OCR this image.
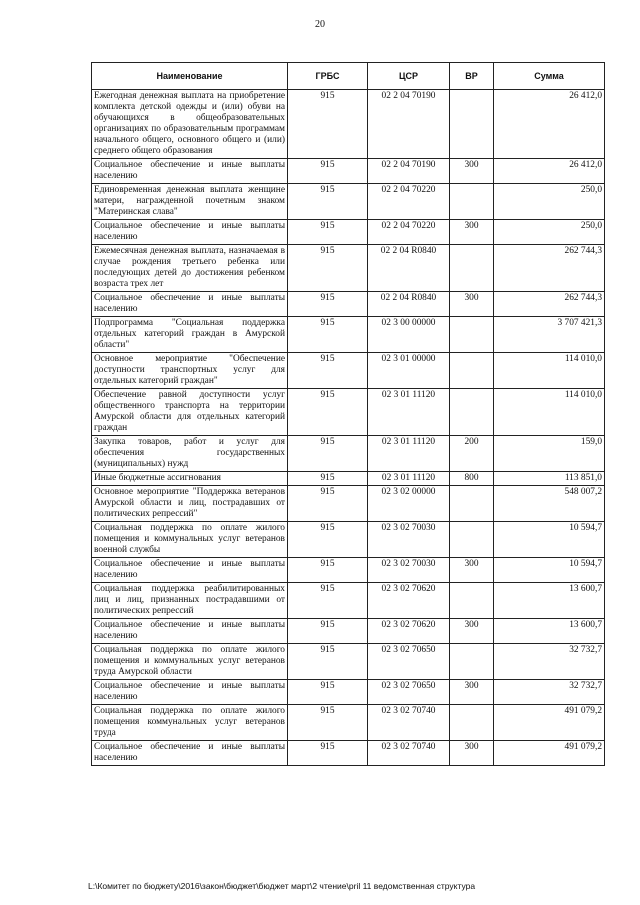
20
Наименование	ГРБС	ЦСР	ВР	Сумма
Ежегодная денежная выплата на приобретение комплекта детской одежды и (или) обуви на обучающихся в общеобразовательных организациях по образовательным программам начального общего, основного общего и (или) среднего общего образования	915	02 2 04 70190		26 412,0
Социальное обеспечение и иные выплаты населению	915	02 2 04 70190	300	26 412,0
Единовременная денежная выплата женщине матери, награжденной почетным знаком "Материнская слава"	915	02 2 04 70220		250,0
Социальное обеспечение и иные выплаты населению	915	02 2 04 70220	300	250,0
Ежемесячная денежная выплата, назначаемая в случае рождения третьего ребенка или последующих детей до достижения ребенком возраста трех лет	915	02 2 04 R0840		262 744,3
Социальное обеспечение и иные выплаты населению	915	02 2 04 R0840	300	262 744,3
Подпрограмма "Социальная поддержка отдельных категорий граждан в Амурской области"	915	02 3 00 00000		3 707 421,3
Основное мероприятие "Обеспечение доступности транспортных услуг для отдельных категорий граждан"	915	02 3 01 00000		114 010,0
Обеспечение равной доступности услуг общественного транспорта на территории Амурской области для отдельных категорий граждан	915	02 3 01 11120		114 010,0
Закупка товаров, работ и услуг для обеспечения государственных (муниципальных) нужд	915	02 3 01 11120	200	159,0
Иные бюджетные ассигнования	915	02 3 01 11120	800	113 851,0
Основное мероприятие "Поддержка ветеранов Амурской области и лиц, пострадавших от политических репрессий"	915	02 3 02 00000		548 007,2
Социальная поддержка по оплате жилого помещения и коммунальных услуг ветеранов военной службы	915	02 3 02 70030		10 594,7
Социальное обеспечение и иные выплаты населению	915	02 3 02 70030	300	10 594,7
Социальная поддержка реабилитированных лиц и лиц, признанных пострадавшими от политических репрессий	915	02 3 02 70620		13 600,7
Социальное обеспечение и иные выплаты населению	915	02 3 02 70620	300	13 600,7
Социальная поддержка по оплате жилого помещения и коммунальных услуг ветеранов труда Амурской области	915	02 3 02 70650		32 732,7
Социальное обеспечение и иные выплаты населению	915	02 3 02 70650	300	32 732,7
Социальная поддержка по оплате жилого помещения коммунальных услуг ветеранов труда	915	02 3 02 70740		491 079,2
Социальное обеспечение и иные выплаты населению	915	02 3 02 70740	300	491 079,2
L:\Комитет по бюджету\2016\закон\бюджет\бюджет март\2 чтение\pril 11 ведомственная структура
